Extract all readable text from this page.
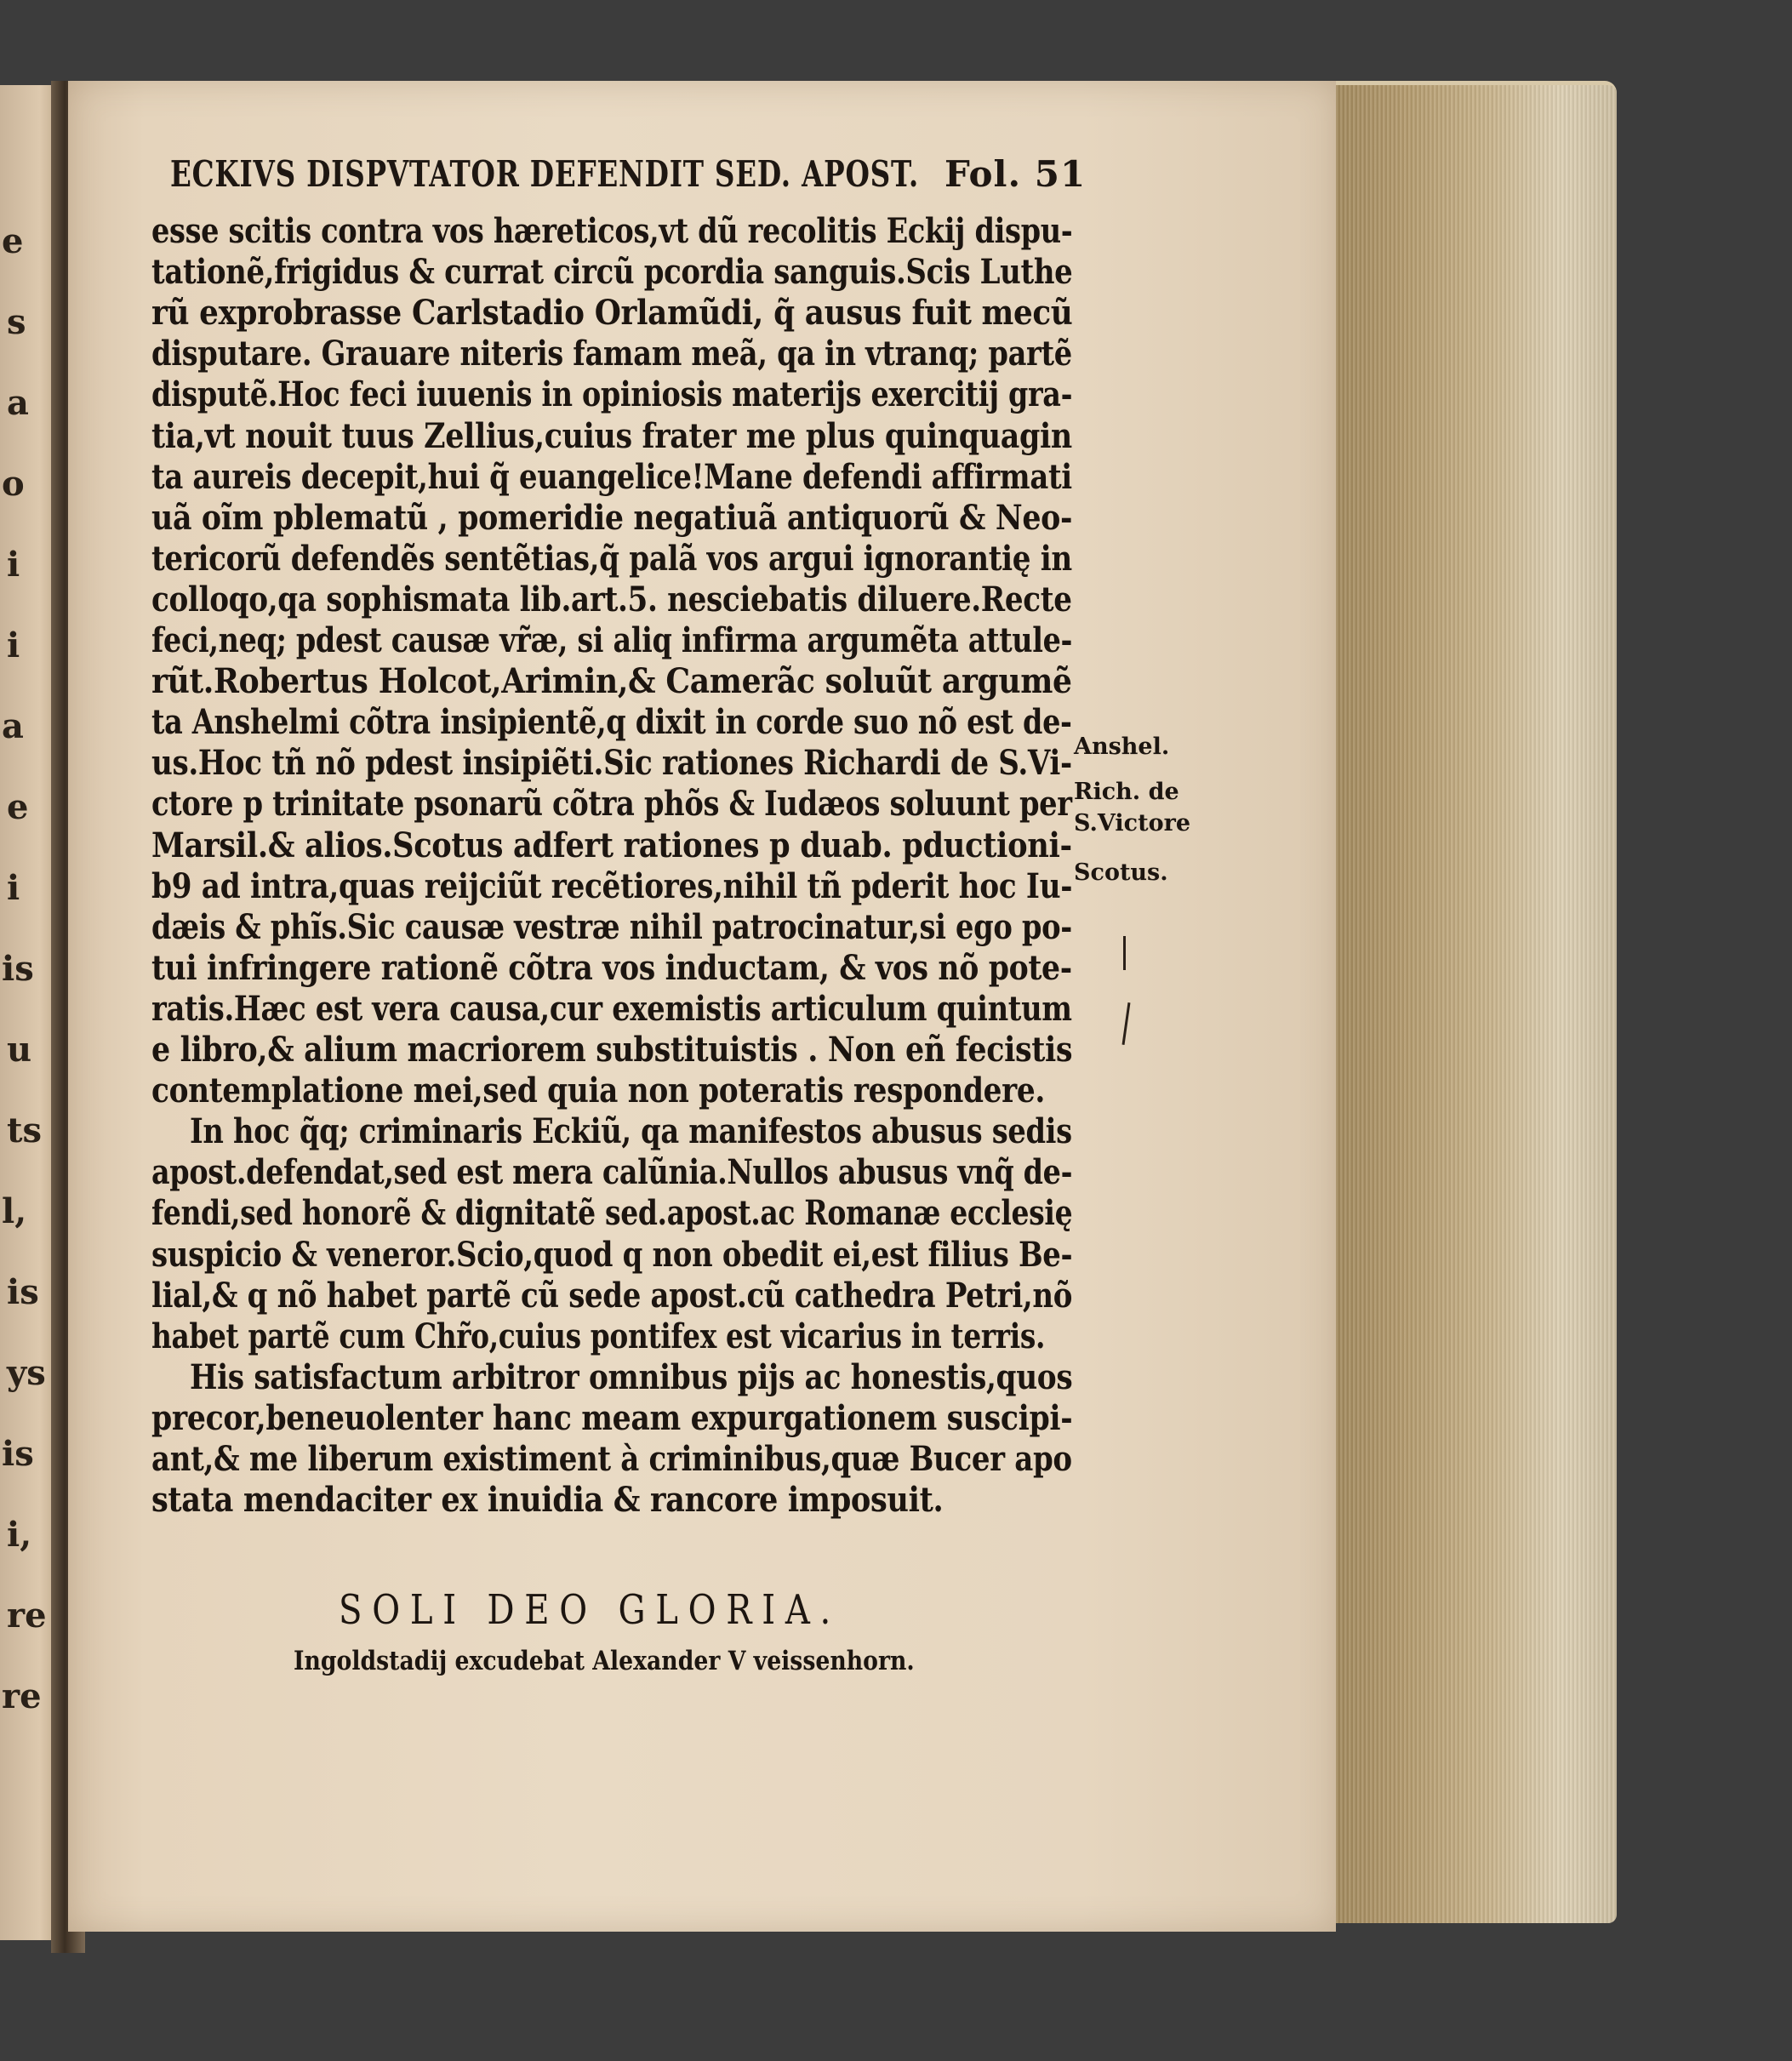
e
s
a
o
i
i
a
e
i
is
u
ts
l,
is
ys
is
i,
re
re
ECKIVS DISPVTATOR DEFENDIT SED. APOST. Fol. 51
esse scitis contra vos hæreticos,vt dũ recolitis Eckij dispu-
tationẽ,frigidus & currat circũ pcordia sanguis.Scis Luthe
rũ exprobrasse Carlstadio Orlamũdi, q̃ ausus fuit mecũ
disputare. Grauare niteris famam meã, qa in vtranq; partẽ
disputẽ.Hoc feci iuuenis in opiniosis materijs exercitij gra-
tia,vt nouit tuus Zellius,cuius frater me plus quinquagin
ta aureis decepit,hui q̃ euangelice!Mane defendi affirmati
uã oĩm pblematũ , pomeridie negatiuã antiquorũ & Neo-
tericorũ defendẽs sentẽtias,q̃ palã vos argui ignorantię in
colloqo,qa sophismata lib.art.5. nesciebatis diluere.Recte
feci,neq; pdest causæ vr̃æ, si aliq infirma argumẽta attule-
rũt.Robertus Holcot,Arimin,& Camerãc soluũt argumẽ
ta Anshelmi cõtra insipientẽ,q dixit in corde suo nõ est de-
us.Hoc tñ nõ pdest insipiẽti.Sic rationes Richardi de S.Vi-
ctore p trinitate psonarũ cõtra phõs & Iudæos soluunt per
Marsil.& alios.Scotus adfert rationes p duab. pductioni-
b9 ad intra,quas reijciũt recẽtiores,nihil tñ pderit hoc Iu-
dæis & phĩs.Sic causæ vestræ nihil patrocinatur,si ego po-
tui infringere rationẽ cõtra vos inductam, & vos nõ pote-
ratis.Hæc est vera causa,cur exemistis articulum quintum
e libro,& alium macriorem substituistis . Non eñ fecistis
contemplatione mei,sed quia non poteratis respondere.
In hoc q̃q; criminaris Eckiũ, qa manifestos abusus sedis
apost.defendat,sed est mera calũnia.Nullos abusus vnq̃ de-
fendi,sed honorẽ & dignitatẽ sed.apost.ac Romanæ ecclesię
suspicio & veneror.Scio,quod q non obedit ei,est filius Be-
lial,& q nõ habet partẽ cũ sede apost.cũ cathedra Petri,nõ
habet partẽ cum Chr̃o,cuius pontifex est vicarius in terris.
His satisfactum arbitror omnibus pijs ac honestis,quos
precor,beneuolenter hanc meam expurgationem suscipi-
ant,& me liberum existiment à criminibus,quæ Bucer apo
stata mendaciter ex inuidia & rancore imposuit.
Anshel.
Rich. de
S.Victore
Scotus.
SOLI DEO GLORIA.
Ingoldstadij excudebat Alexander V veissenhorn.
